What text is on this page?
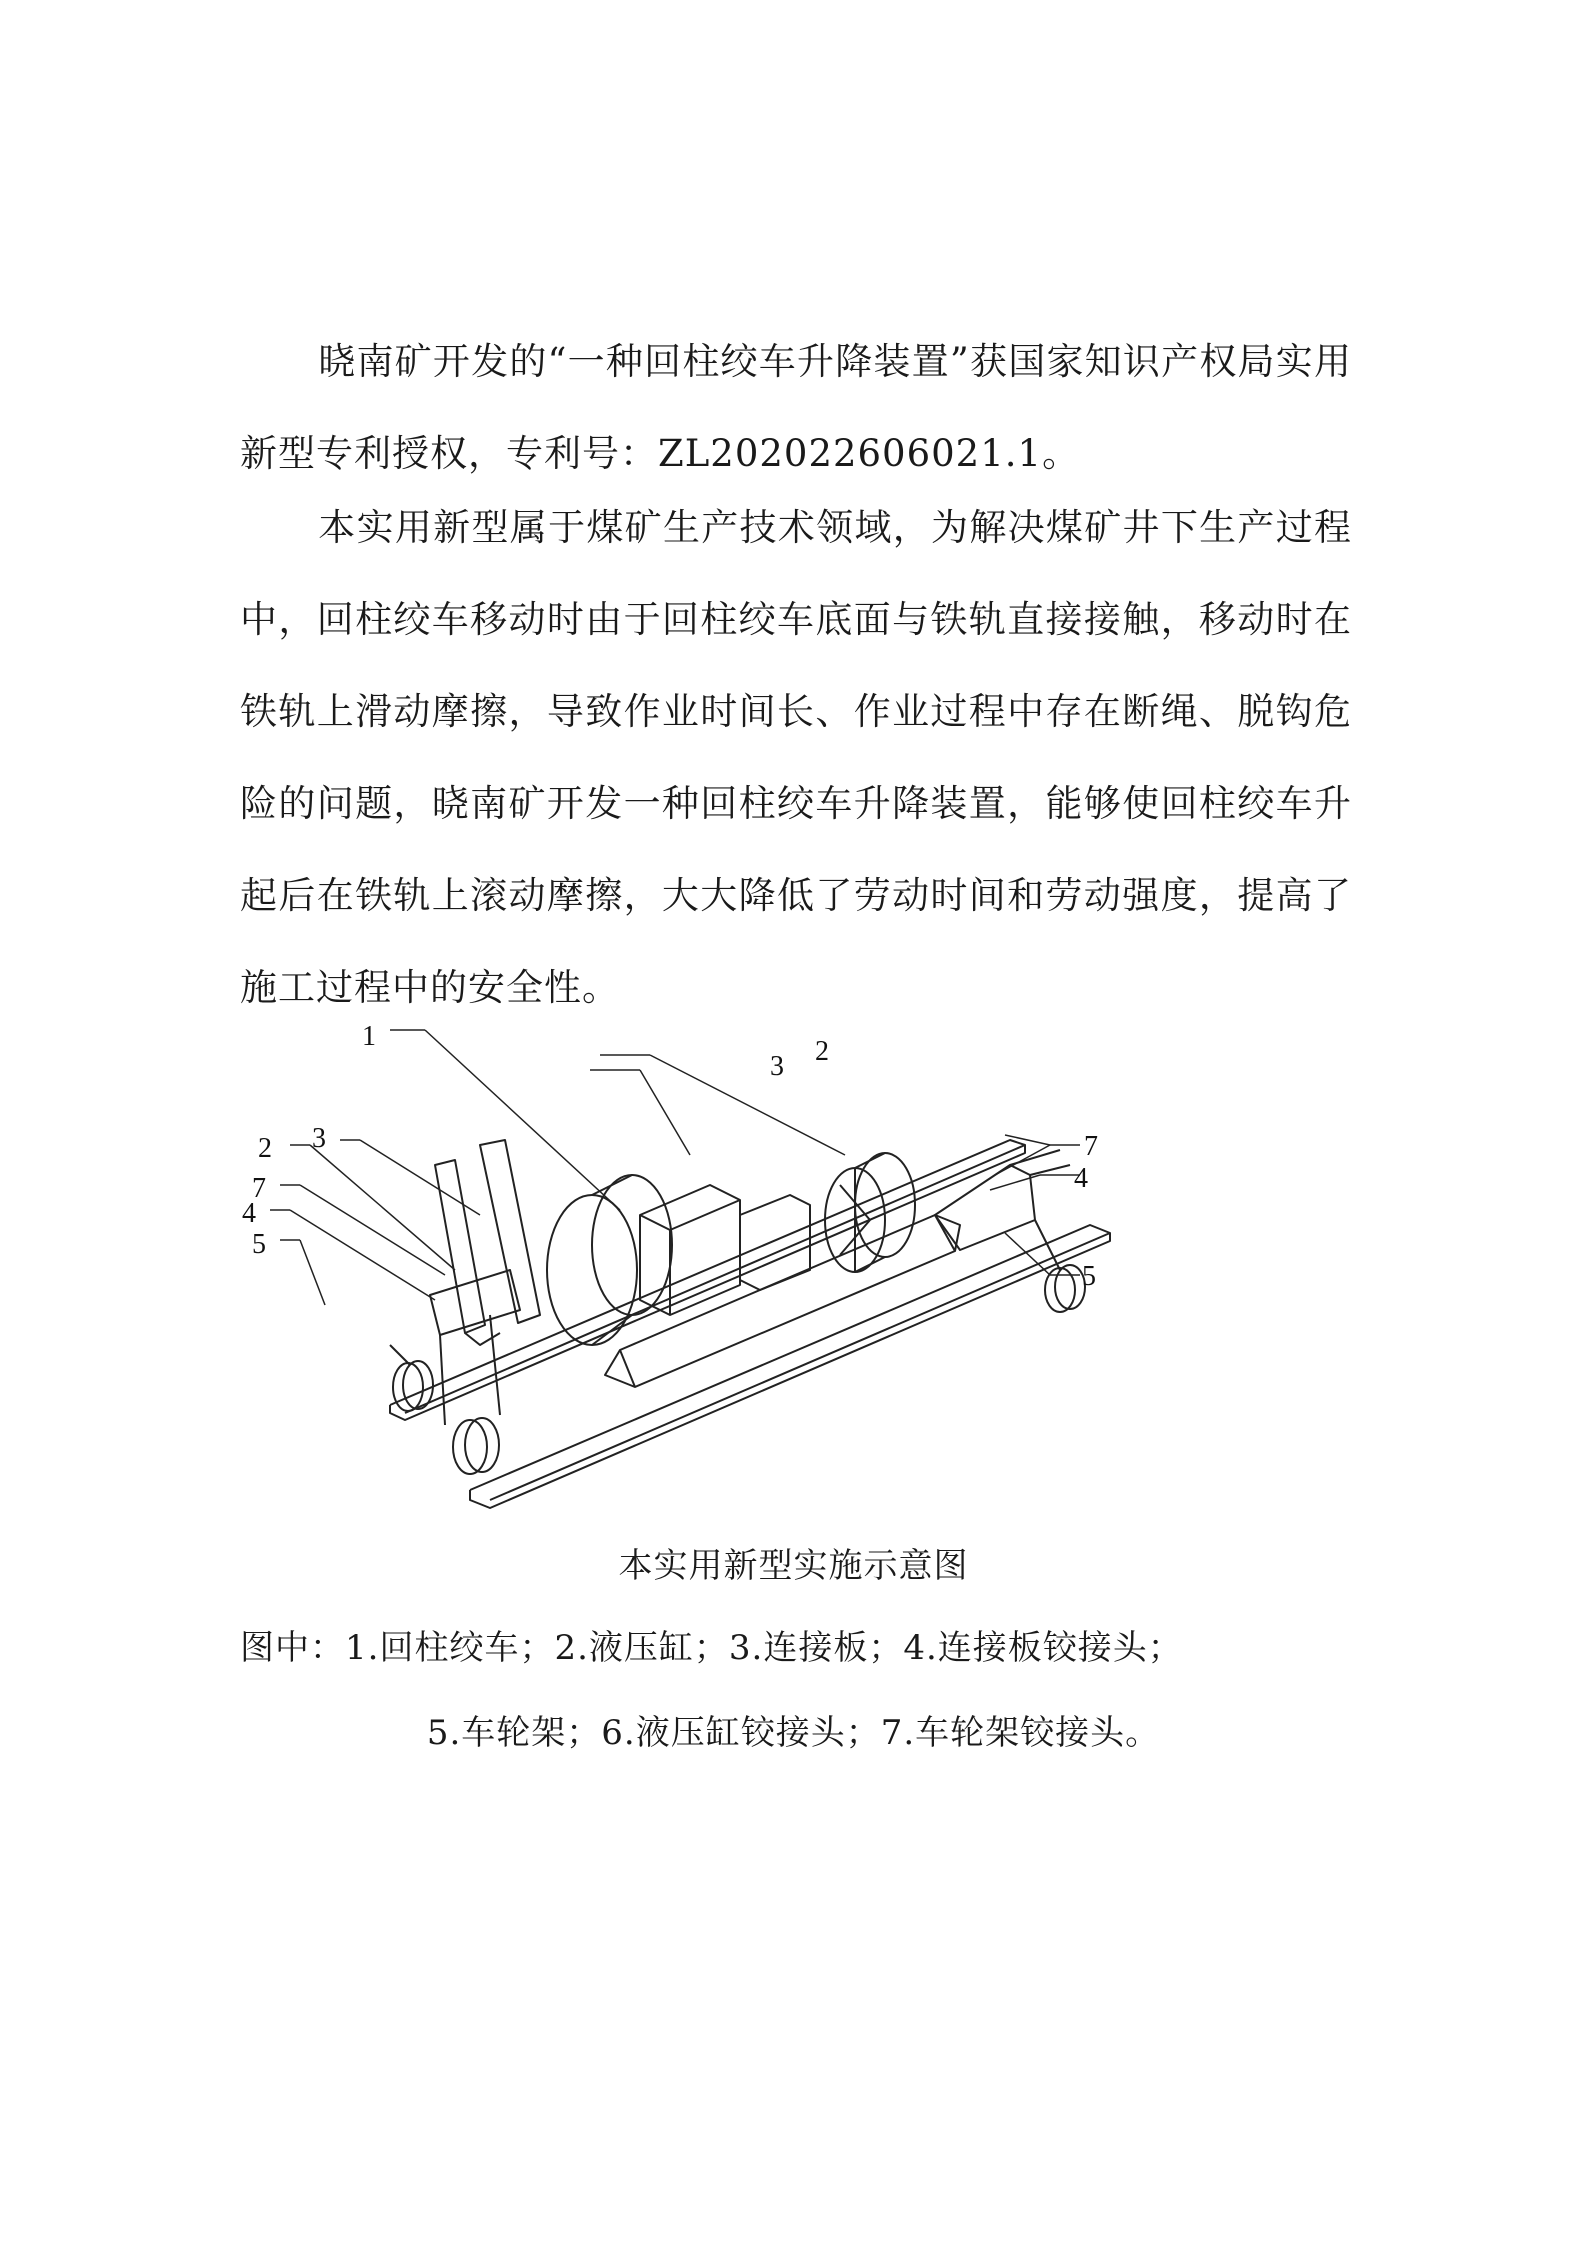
晓南矿开发的“一种回柱绞车升降装置”获国家知识产权局实用新型专利授权，专利号：ZL202022606021.1。

本实用新型属于煤矿生产技术领域，为解决煤矿井下生产过程中，回柱绞车移动时由于回柱绞车底面与铁轨直接接触，移动时在铁轨上滑动摩擦，导致作业时间长、作业过程中存在断绳、脱钩危险的问题，晓南矿开发一种回柱绞车升降装置，能够使回柱绞车升起后在铁轨上滚动摩擦，大大降低了劳动时间和劳动强度，提高了施工过程中的安全性。

1
2 3
7
4
5
3 2
7
4
5
本实用新型实施示意图
图中：1.回柱绞车；2.液压缸；3.连接板；4.连接板铰接头；
5.车轮架；6.液压缸铰接头；7.车轮架铰接头。
